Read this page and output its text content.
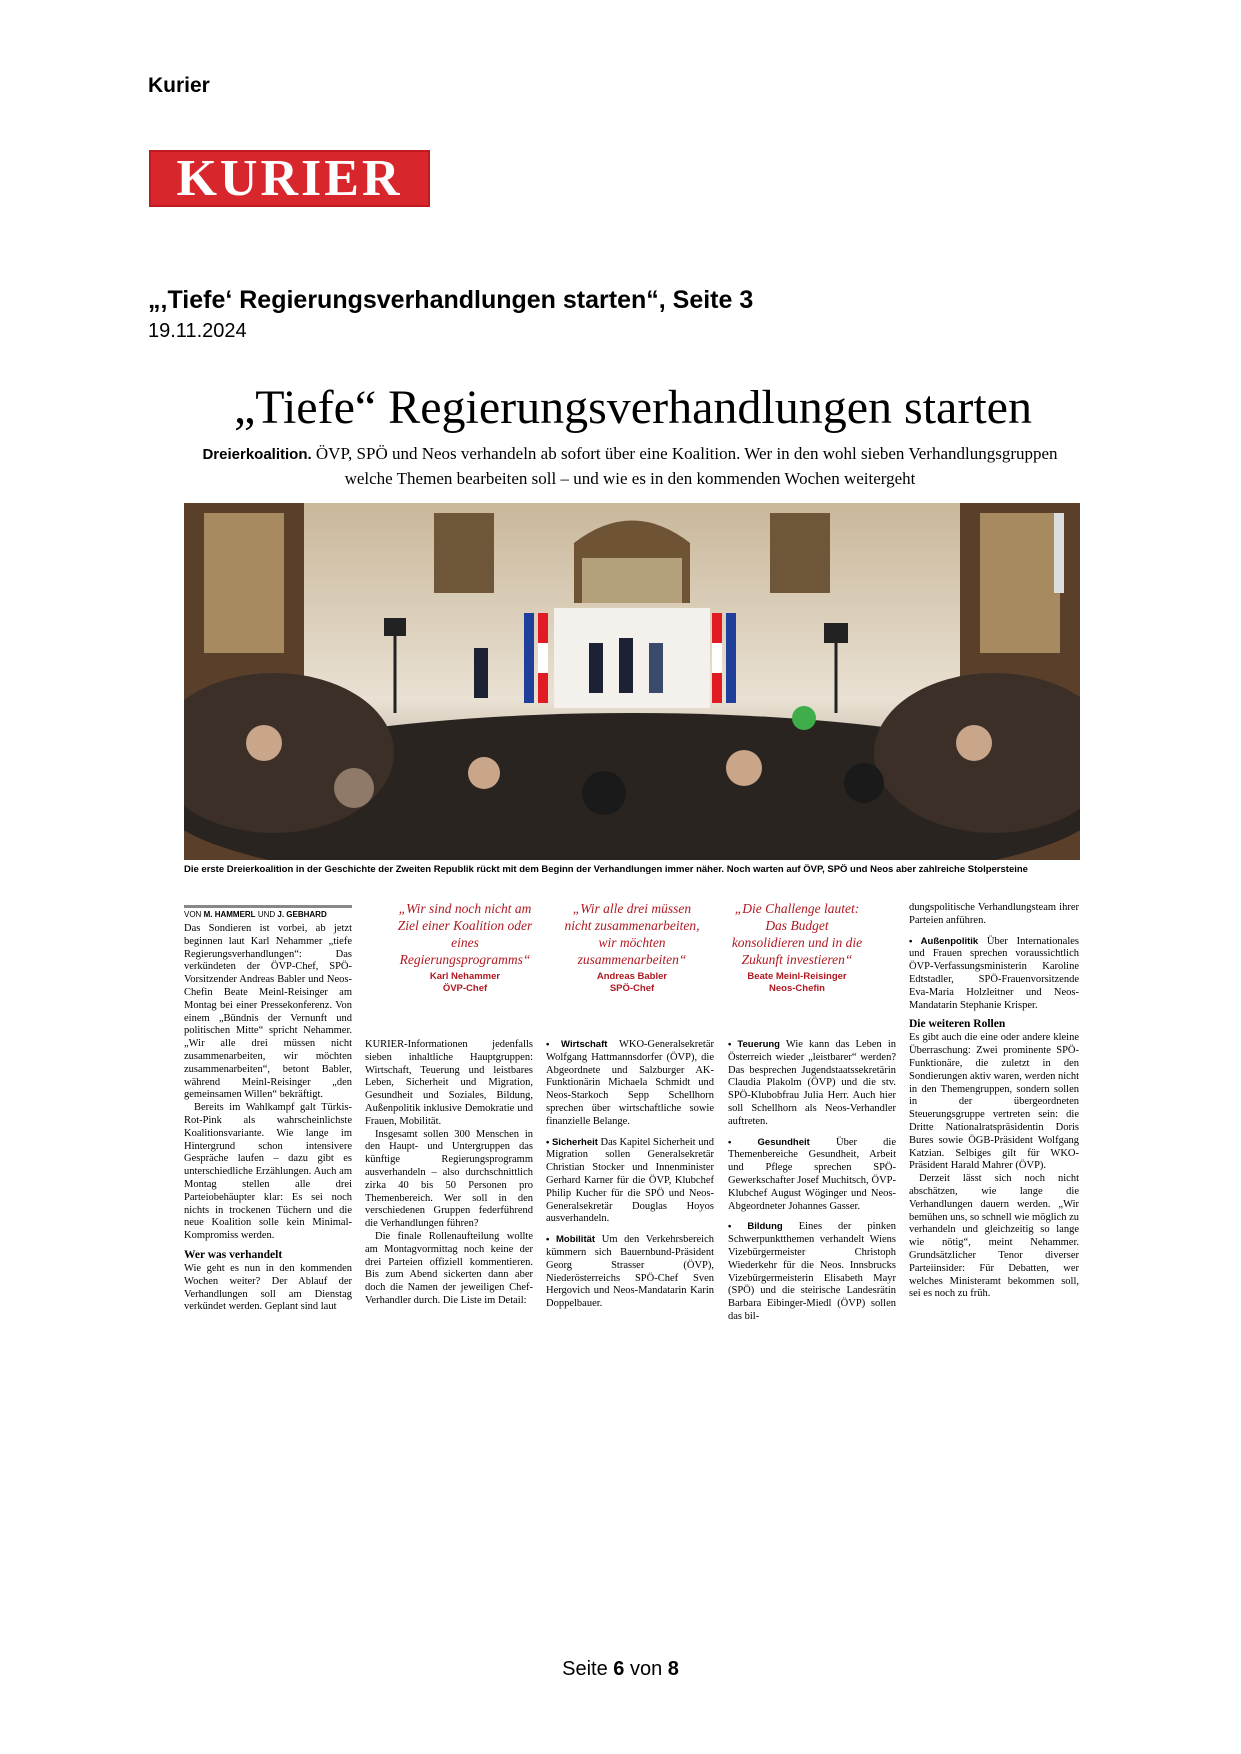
Kurier
KURIER
„‚Tiefe‘ Regierungsverhandlungen starten“, Seite 3
19.11.2024
„Tiefe“ Regierungsverhandlungen starten
Dreierkoalition. ÖVP, SPÖ und Neos verhandeln ab sofort über eine Koalition. Wer in den wohl sieben Verhandlungsgruppen welche Themen bearbeiten soll – und wie es in den kommenden Wochen weitergeht
Die erste Dreierkoalition in der Geschichte der Zweiten Republik rückt mit dem Beginn der Verhandlungen immer näher. Noch warten auf ÖVP, SPÖ und Neos aber zahlreiche Stolpersteine
VON M. HAMMERL UND J. GEBHARD

Das Sondieren ist vorbei, ab jetzt beginnen laut Karl Nehammer „tiefe Regierungsverhandlungen“: Das verkündeten der ÖVP-Chef, SPÖ-Vorsitzender Andreas Babler und Neos-Chefin Beate Meinl-Reisinger am Montag bei einer Pressekonferenz. Von einem „Bündnis der Vernunft und politischen Mitte“ spricht Nehammer. „Wir alle drei müssen nicht zusammenarbeiten, wir möchten zusammenarbeiten“, betont Babler, während Meinl-Reisinger „den gemeinsamen Willen“ bekräftigt.

Bereits im Wahlkampf galt Türkis-Rot-Pink als wahrscheinlichste Koalitionsvariante. Wie lange im Hintergrund schon intensivere Gespräche laufen – dazu gibt es unterschiedliche Erzählungen. Auch am Montag stellen alle drei Parteiobehäupter klar: Es sei noch nichts in trockenen Tüchern und die neue Koalition solle kein Minimal-Kompromiss werden.

Wer was verhandelt

Wie geht es nun in den kommenden Wochen weiter? Der Ablauf der Verhandlungen soll am Dienstag verkündet werden. Geplant sind laut

„Wir sind noch nicht am Ziel einer Koalition oder eines Regierungsprogramms“
Karl Nehammer
ÖVP-Chef
„Wir alle drei müssen nicht zusammenarbeiten, wir möchten zusammenarbeiten“
Andreas Babler
SPÖ-Chef
„Die Challenge lautet: Das Budget konsolidieren und in die Zukunft investieren“
Beate Meinl-Reisinger
Neos-Chefin

KURIER-Informationen jedenfalls sieben inhaltliche Hauptgruppen: Wirtschaft, Teuerung und leistbares Leben, Sicherheit und Migration, Gesundheit und Soziales, Bildung, Außenpolitik inklusive Demokratie und Frauen, Mobilität.

Insgesamt sollen 300 Menschen in den Haupt- und Untergruppen das künftige Regierungsprogramm ausverhandeln – also durchschnittlich zirka 40 bis 50 Personen pro Themenbereich. Wer soll in den verschiedenen Gruppen federführend die Verhandlungen führen?

Die finale Rollenaufteilung wollte am Montagvormittag noch keine der drei Parteien offiziell kommentieren. Bis zum Abend sickerten dann aber doch die Namen der jeweiligen Chef-Verhandler durch. Die Liste im Detail:

• Wirtschaft WKO-Generalsekretär Wolfgang Hattmannsdorfer (ÖVP), die Abgeordnete und Salzburger AK-Funktionärin Michaela Schmidt und Neos-Starkoch Sepp Schellhorn sprechen über wirtschaftliche sowie finanzielle Belange.

• Sicherheit Das Kapitel Sicherheit und Migration sollen Generalsekretär Christian Stocker und Innenminister Gerhard Karner für die ÖVP, Klubchef Philip Kucher für die SPÖ und Neos-Generalsekretär Douglas Hoyos ausverhandeln.

• Mobilität Um den Verkehrsbereich kümmern sich Bauernbund-Präsident Georg Strasser (ÖVP), Niederösterreichs SPÖ-Chef Sven Hergovich und Neos-Mandatarin Karin Doppelbauer.

• Teuerung Wie kann das Leben in Österreich wieder „leistbarer“ werden? Das besprechen Jugendstaatssekretärin Claudia Plakolm (ÖVP) und die stv. SPÖ-Klubobfrau Julia Herr. Auch hier soll Schellhorn als Neos-Verhandler auftreten.

• Gesundheit Über die Themenbereiche Gesundheit, Arbeit und Pflege sprechen SPÖ-Gewerkschafter Josef Muchitsch, ÖVP-Klubchef August Wöginger und Neos-Abgeordneter Johannes Gasser.

• Bildung Eines der pinken Schwerpunktthemen verhandelt Wiens Vizebürgermeister Christoph Wiederkehr für die Neos. Innsbrucks Vizebürgermeisterin Elisabeth Mayr (SPÖ) und die steirische Landesrätin Barbara Eibinger-Miedl (ÖVP) sollen das bil-

dungspolitische Verhandlungsteam ihrer Parteien anführen.

• Außenpolitik Über Internationales und Frauen sprechen voraussichtlich ÖVP-Verfassungsministerin Karoline Edtstadler, SPÖ-Frauenvorsitzende Eva-Maria Holzleitner und Neos-Mandatarin Stephanie Krisper.

Die weiteren Rollen

Es gibt auch die eine oder andere kleine Überraschung: Zwei prominente SPÖ-Funktionäre, die zuletzt in den Sondierungen aktiv waren, werden nicht in den Themengruppen, sondern sollen in der übergeordneten Steuerungsgruppe vertreten sein: die Dritte Nationalratspräsidentin Doris Bures sowie ÖGB-Präsident Wolfgang Katzian. Selbiges gilt für WKO-Präsident Harald Mahrer (ÖVP).

Derzeit lässt sich noch nicht abschätzen, wie lange die Verhandlungen dauern werden. „Wir bemühen uns, so schnell wie möglich zu verhandeln und gleichzeitig so lange wie nötig“, meint Nehammer. Grundsätzlicher Tenor diverser Parteiinsider: Für Debatten, wer welches Ministeramt bekommen soll, sei es noch zu früh.

Seite 6 von 8
